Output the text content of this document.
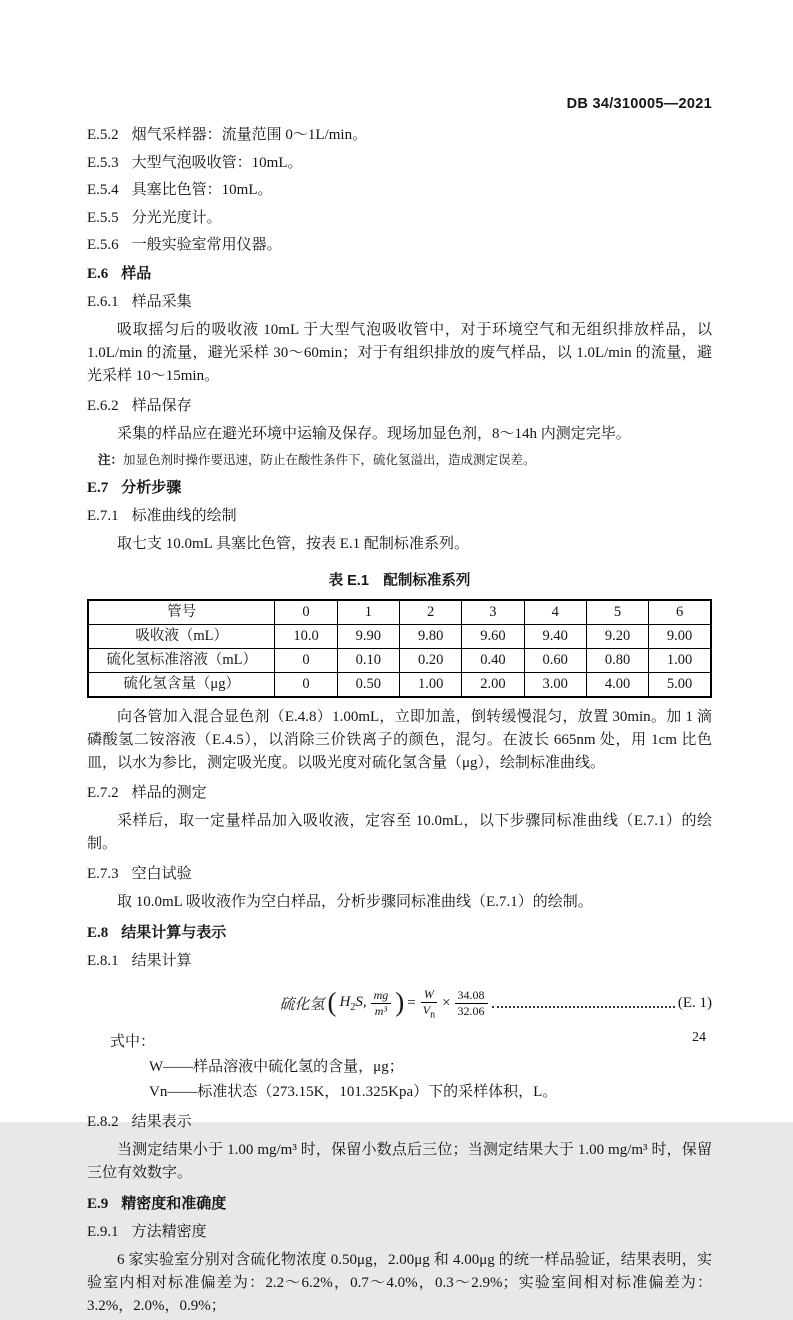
DB 34/310005—2021

E.5.2 烟气采样器：流量范围 0～1L/min。

E.5.3 大型气泡吸收管：10mL。

E.5.4 具塞比色管：10mL。

E.5.5 分光光度计。

E.5.6 一般实验室常用仪器。

E.6 样品

E.6.1 样品采集

吸取摇匀后的吸收液 10mL 于大型气泡吸收管中，对于环境空气和无组织排放样品，以 1.0L/min 的流量，避光采样 30～60min；对于有组织排放的废气样品，以 1.0L/min 的流量，避光采样 10～15min。

E.6.2 样品保存

采集的样品应在避光环境中运输及保存。现场加显色剂，8～14h 内测定完毕。

注：加显色剂时操作要迅速，防止在酸性条件下，硫化氢溢出，造成测定误差。

E.7 分析步骤

E.7.1 标准曲线的绘制

取七支 10.0mL 具塞比色管，按表 E.1 配制标准系列。

表 E.1　配制标准系列

管号	0	1	2	3	4	5	6
吸收液（mL）	10.0	9.90	9.80	9.60	9.40	9.20	9.00
硫化氢标准溶液（mL）	0	0.10	0.20	0.40	0.60	0.80	1.00
硫化氢含量（μg）	0	0.50	1.00	2.00	3.00	4.00	5.00

向各管加入混合显色剂（E.4.8）1.00mL，立即加盖，倒转缓慢混匀，放置 30min。加 1 滴磷酸氢二铵溶液（E.4.5），以消除三价铁离子的颜色，混匀。在波长 665nm 处，用 1cm 比色皿，以水为参比，测定吸光度。以吸光度对硫化氢含量（μg），绘制标准曲线。

E.7.2 样品的测定

采样后，取一定量样品加入吸收液，定容至 10.0mL，以下步骤同标准曲线（E.7.1）的绘制。

E.7.3 空白试验

取 10.0mL 吸收液作为空白样品，分析步骤同标准曲线（E.7.1）的绘制。

E.8 结果计算与表示

E.8.1 结果计算

硫化氢 ( $H_2S$, $\frac{mg}{\text{m³}}$ ) = $\frac{W}{V_n} \times \frac{34.08}{32.06}$	(E. 1)

式中：

W——样品溶液中硫化氢的含量，μg；

Vn——标准状态（273.15K，101.325Kpa）下的采样体积，L。

E.8.2 结果表示

当测定结果小于 1.00 mg/m³ 时，保留小数点后三位；当测定结果大于 1.00 mg/m³ 时，保留三位有效数字。

E.9 精密度和准确度

E.9.1 方法精密度

6 家实验室分别对含硫化物浓度 0.50μg，2.00μg 和 4.00μg 的统一样品验证，结果表明，实验室内相对标准偏差为：2.2～6.2%，0.7～4.0%，0.3～2.9%；实验室间相对标准偏差为：3.2%，2.0%，0.9%；

24
